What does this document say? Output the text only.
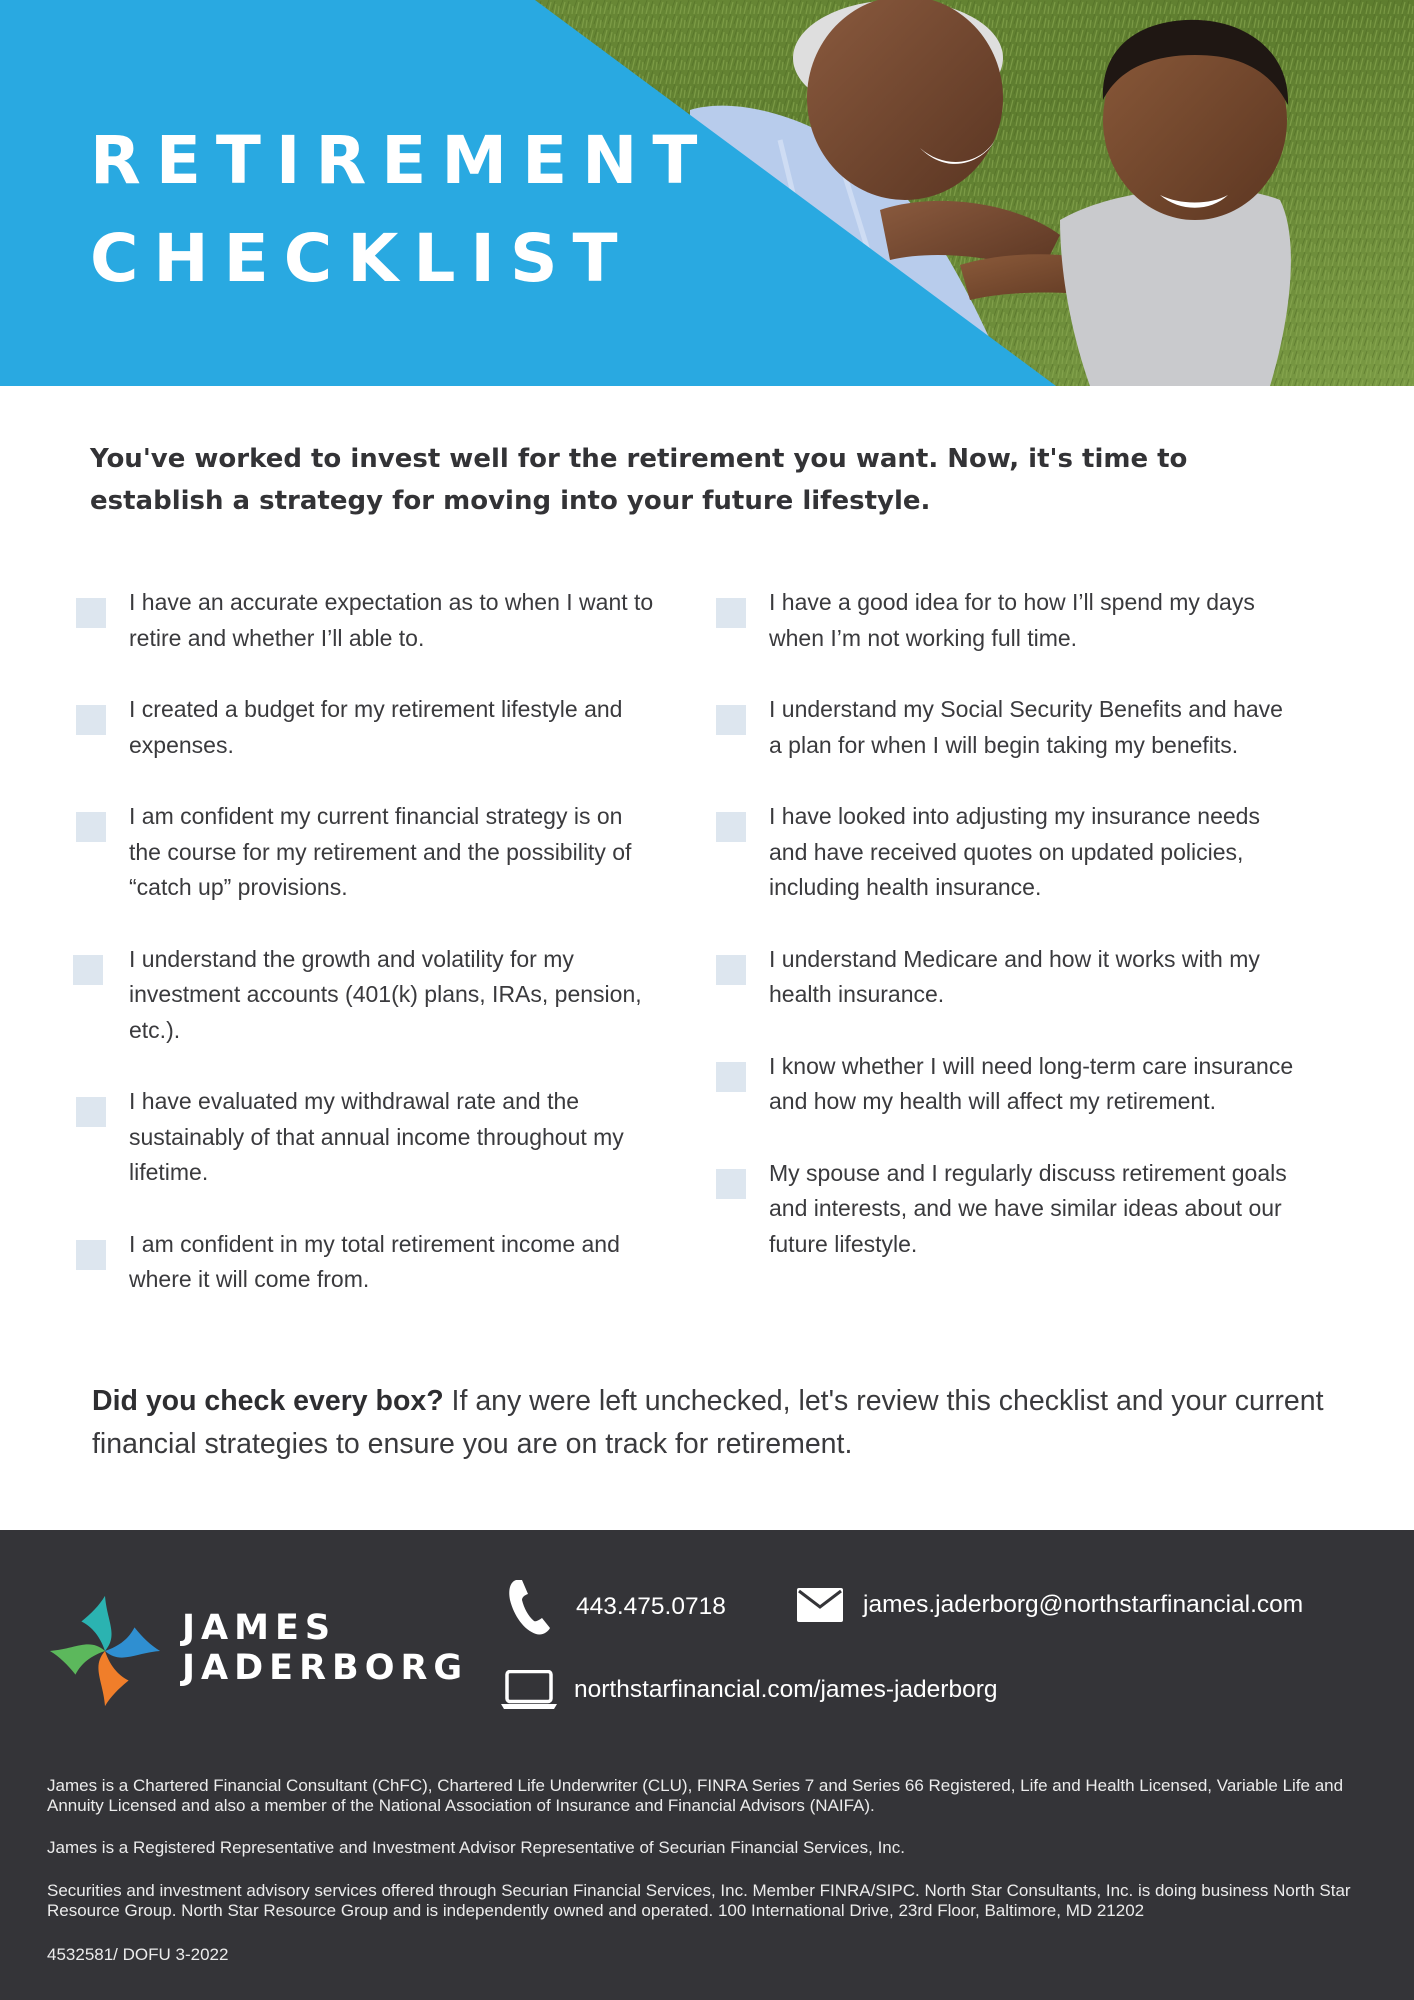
RETIREMENT
CHECKLIST

You've worked to invest well for the retirement you want. Now, it's time to establish a strategy for moving into your future lifestyle.

I have an accurate expectation as to when I want to retire and whether I’ll able to.
I created a budget for my retirement lifestyle and expenses.
I am confident my current financial strategy is on the course for my retirement and the possibility of “catch up” provisions.
I understand the growth and volatility for my investment accounts (401(k) plans, IRAs, pension, etc.).
I have evaluated my withdrawal rate and the sustainably of that annual income throughout my lifetime.
I am confident in my total retirement income and where it will come from.
I have a good idea for to how I’ll spend my days when I’m not working full time.
I understand my Social Security Benefits and have a plan for when I will begin taking my benefits.
I have looked into adjusting my insurance needs and have received quotes on updated policies, including health insurance.
I understand Medicare and how it works with my health insurance.
I know whether I will need long-term care insurance and how my health will affect my retirement.
My spouse and I regularly discuss retirement goals and interests, and we have similar ideas about our future lifestyle.

Did you check every box? If any were left unchecked, let's review this checklist and your current financial strategies to ensure you are on track for retirement.

JAMES
JADERBORG
443.475.0718	james.jaderborg@northstarfinancial.com
northstarfinancial.com/james-jaderborg

James is a Chartered Financial Consultant (ChFC), Chartered Life Underwriter (CLU), FINRA Series 7 and Series 66 Registered, Life and Health Licensed, Variable Life and Annuity Licensed and also a member of the National Association of Insurance and Financial Advisors (NAIFA).

James is a Registered Representative and Investment Advisor Representative of Securian Financial Services, Inc.

Securities and investment advisory services offered through Securian Financial Services, Inc. Member FINRA/SIPC. North Star Consultants, Inc. is doing business North Star Resource Group. North Star Resource Group and is independently owned and operated. 100 International Drive, 23rd Floor, Baltimore, MD 21202

4532581/ DOFU 3-2022
